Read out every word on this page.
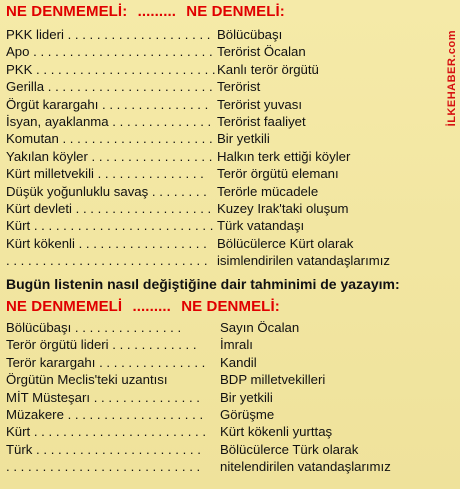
NE DENMEMELİ: ......... NE DENMELİ:
PKK lideri . . . . . . . . . . . . . . . . . . . . Bölücübaşı
Apo . . . . . . . . . . . . . . . . . . . . . . . . . Terörist Öcalan
PKK . . . . . . . . . . . . . . . . . . . . . . . . . Kanlı terör örgütü
Gerilla . . . . . . . . . . . . . . . . . . . . . . . Terörist
Örgüt karargahı . . . . . . . . . . . . . . . Terörist yuvası
İsyan, ayaklanma . . . . . . . . . . . . . . Terörist faaliyet
Komutan . . . . . . . . . . . . . . . . . . . . . Bir yetkili
Yakılan köyler . . . . . . . . . . . . . . . . . Halkın terk ettiği köyler
Kürt milletvekili . . . . . . . . . . . . . . . Terör örgütü elemanı
Düşük yoğunluklu savaş . . . . . . . . Terörle mücadele
Kürt devleti . . . . . . . . . . . . . . . . . . . Kuzey Irak'taki oluşum
Kürt . . . . . . . . . . . . . . . . . . . . . . . . . Türk vatandaşı
Kürt kökenli . . . . . . . . . . . . . . . . . . Bölücülerce Kürt olarak
. . . . . . . . . . . . . . . . . . . . . . . . . . . . isimlendirilen vatandaşlarımız
Bugün listenin nasıl değiştiğine dair tahminimi de yazayım:
NE DENMEMELİ ......... NE DENMELİ:
Bölücübaşı . . . . . . . . . . . . . . .	Sayın Öcalan
Terör örgütü lideri . . . . . . . . . . . . İmralı
Terör karargahı . . . . . . . . . . . . . . . Kandil
Örgütün Meclis'teki uzantısı	BDP milletvekilleri
MİT Müsteşarı . . . . . . . . . . . . . . . Bir yetkili
Müzakere . . . . . . . . . . . . . . . . . . . Görüşme
Kürt . . . . . . . . . . . . . . . . . . . . . . . . Kürt kökenli yurttaş
Türk . . . . . . . . . . . . . . . . . . . . . . . Bölücülerce Türk olarak
. . . . . . . . . . . . . . . . . . . . . . . . . . . nitelendirilen vatandaşlarımız
İLKEHABER.com
